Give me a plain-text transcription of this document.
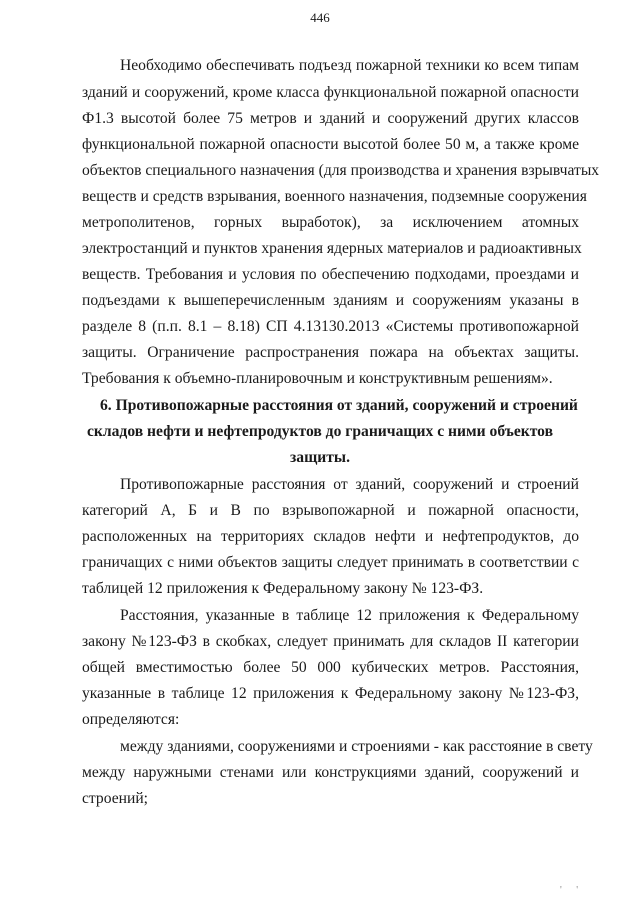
446
Необходимо обеспечивать подъезд пожарной техники ко всем типам
зданий и сооружений, кроме класса функциональной пожарной опасности
Ф1.3 высотой более 75 метров и зданий и сооружений других классов
функциональной пожарной опасности высотой более 50 м, а также кроме
объектов специального назначения (для производства и хранения взрывчатых
веществ и средств взрывания, военного назначения, подземные сооружения
метрополитенов, горных выработок), за исключением атомных
электростанций и пунктов хранения ядерных материалов и радиоактивных
веществ. Требования и условия по обеспечению подходами, проездами и
подъездами к вышеперечисленным зданиям и сооружениям указаны в
разделе 8 (п.п. 8.1 – 8.18) СП 4.13130.2013 «Системы противопожарной
защиты. Ограничение распространения пожара на объектах защиты.
Требования к объемно-планировочным и конструктивным решениям».
6. Противопожарные расстояния от зданий, сооружений и строений
складов нефти и нефтепродуктов до граничащих с ними объектов
защиты.
Противопожарные расстояния от зданий, сооружений и строений
категорий А, Б и В по взрывопожарной и пожарной опасности,
расположенных на территориях складов нефти и нефтепродуктов, до
граничащих с ними объектов защиты следует принимать в соответствии с
таблицей 12 приложения к Федеральному закону № 123-ФЗ.
Расстояния, указанные в таблице 12 приложения к Федеральному
закону №123-ФЗ в скобках, следует принимать для складов II категории
общей вместимостью более 50 000 кубических метров. Расстояния,
указанные в таблице 12 приложения к Федеральному закону №123-ФЗ,
определяются:
между зданиями, сооружениями и строениями - как расстояние в свету
между наружными стенами или конструкциями зданий, сооружений и
строений;
' '
